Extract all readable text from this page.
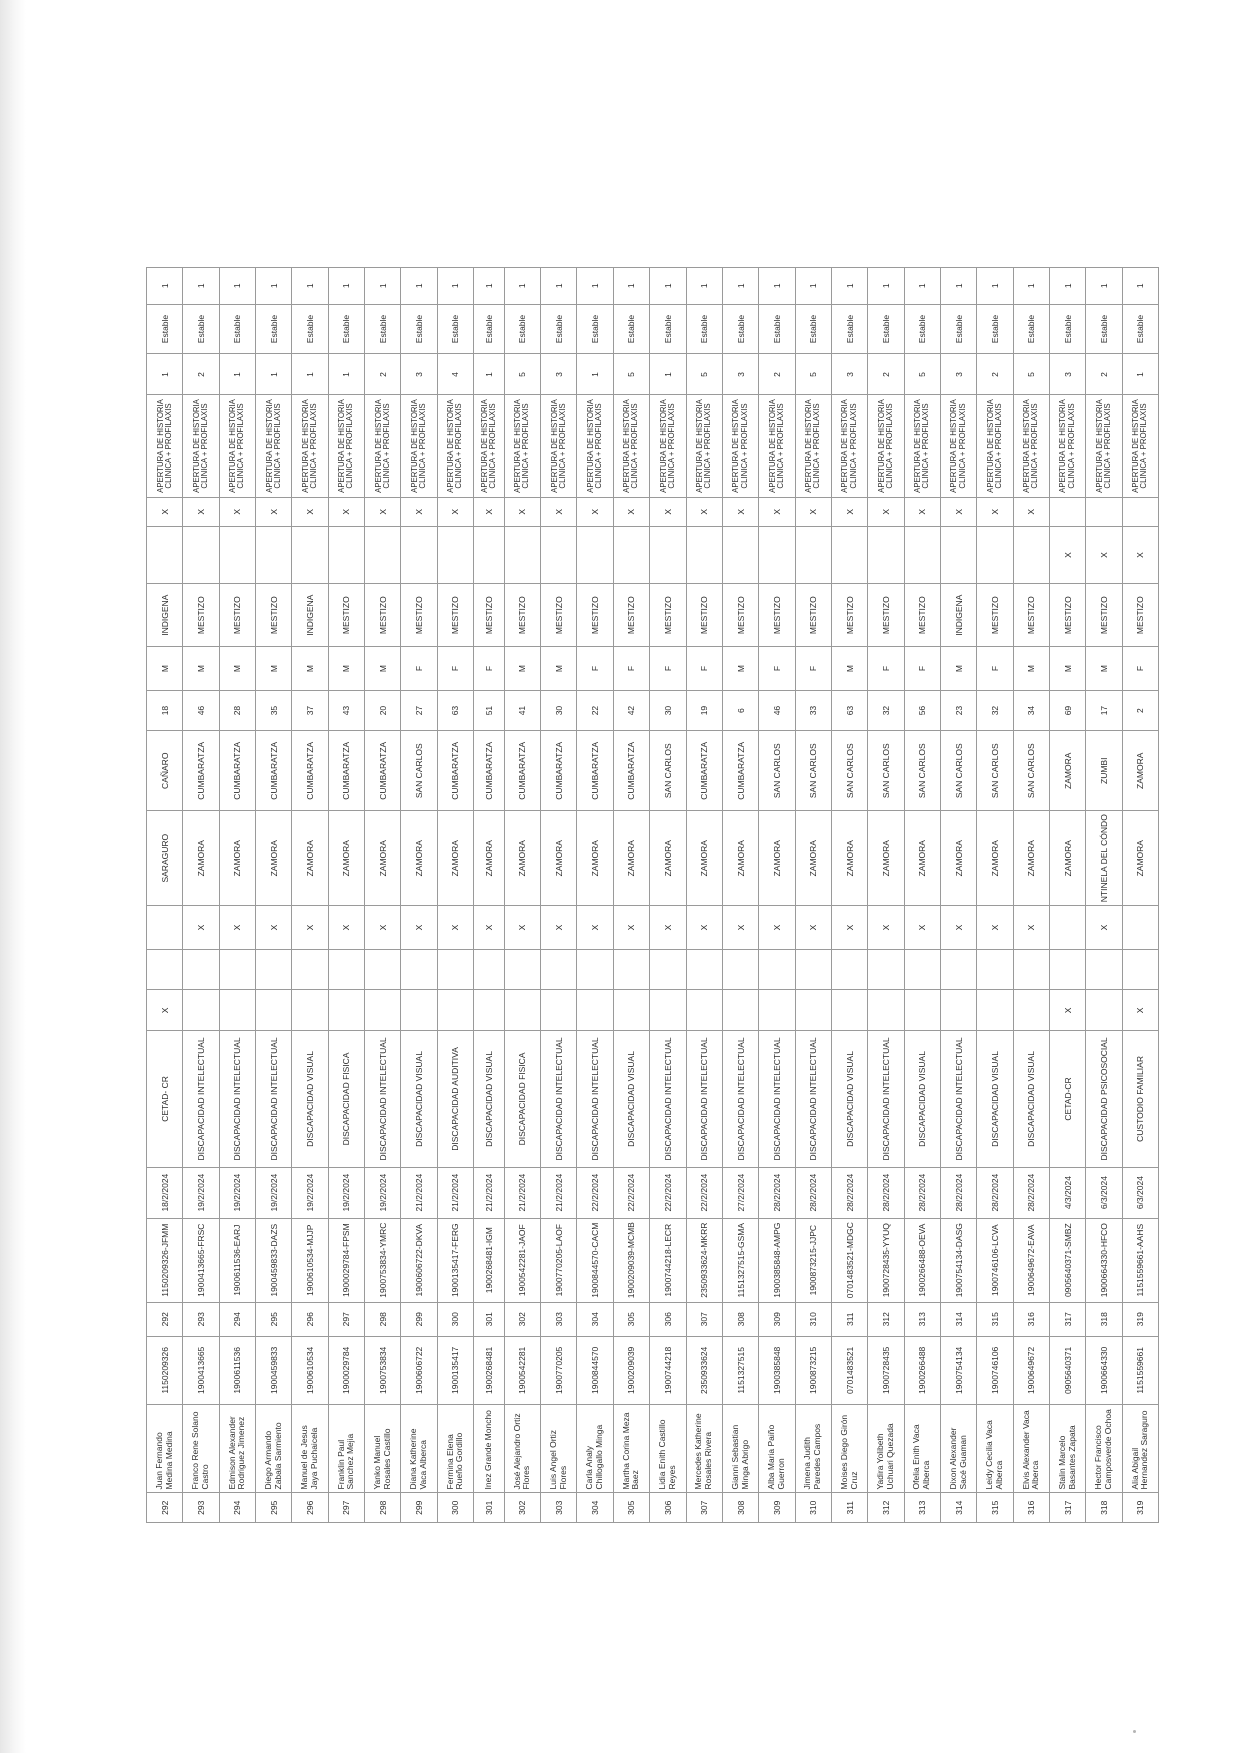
292	Juan Fernando Medina Medina	1150209326	292	1150209326-JFMM	18/2/2024	CETAD- CR	X			SARAGURO	CAÑARO	18	M	INDIGENA		X	APERTURA DE HISTORIA CLINICA + PROFILAXIS	1	Estable	1
293	Franco Rene Solano Castro	1900413665	293	1900413665-FRSC	19/2/2024	DISCAPACIDAD INTELECTUAL			X	ZAMORA	CUMBARATZA	46	M	MESTIZO		X	APERTURA DE HISTORIA CLINICA + PROFILAXIS	2	Estable	1
294	Edmison Alexander Rodriguez Jimenez	1900611536	294	1900611536-EARJ	19/2/2024	DISCAPACIDAD INTELECTUAL			X	ZAMORA	CUMBARATZA	28	M	MESTIZO		X	APERTURA DE HISTORIA CLINICA + PROFILAXIS	1	Estable	1
295	Diego Armando Zabala Sarmiento	1900459833	295	1900459833-DAZS	19/2/2024	DISCAPACIDAD INTELECTUAL			X	ZAMORA	CUMBARATZA	35	M	MESTIZO		X	APERTURA DE HISTORIA CLINICA + PROFILAXIS	1	Estable	1
296	Manuel de Jesus Jaya Puchaicela	1900610534	296	1900610534-MJJP	19/2/2024	DISCAPACIDAD VISUAL			X	ZAMORA	CUMBARATZA	37	M	INDIGENA		X	APERTURA DE HISTORIA CLINICA + PROFILAXIS	1	Estable	1
297	Franklin Paul Sanchez Mejia	1900029784	297	1900029784-FPSM	19/2/2024	DISCAPACIDAD FISICA			X	ZAMORA	CUMBARATZA	43	M	MESTIZO		X	APERTURA DE HISTORIA CLINICA + PROFILAXIS	1	Estable	1
298	Yanko Manuel Rosales Castillo	1900753834	298	1900753834-YMRC	19/2/2024	DISCAPACIDAD INTELECTUAL			X	ZAMORA	CUMBARATZA	20	M	MESTIZO		X	APERTURA DE HISTORIA CLINICA + PROFILAXIS	2	Estable	1
299	Diana Katherine Vaca Alberca	1900606722	299	1900606722-DKVA	21/2/2024	DISCAPACIDAD VISUAL			X	ZAMORA	SAN CARLOS	27	F	MESTIZO		X	APERTURA DE HISTORIA CLINICA + PROFILAXIS	3	Estable	1
300	Fermina Elena Rueño Gordillo	1900135417	300	1900135417-FERG	21/2/2024	DISCAPACIDAD AUDITIVA			X	ZAMORA	CUMBARATZA	63	F	MESTIZO		X	APERTURA DE HISTORIA CLINICA + PROFILAXIS	4	Estable	1
301	Inez Grande Moncho	1900268481	301	1900268481-IGM	21/2/2024	DISCAPACIDAD VISUAL			X	ZAMORA	CUMBARATZA	51	F	MESTIZO		X	APERTURA DE HISTORIA CLINICA + PROFILAXIS	1	Estable	1
302	José Alejandro Ortiz Flores	1900542281	302	1900542281-JAOF	21/2/2024	DISCAPACIDAD FISICA			X	ZAMORA	CUMBARATZA	41	M	MESTIZO		X	APERTURA DE HISTORIA CLINICA + PROFILAXIS	5	Estable	1
303	Luis Angel Ortiz Flores	1900770205	303	1900770205-LAOF	21/2/2024	DISCAPACIDAD INTELECTUAL			X	ZAMORA	CUMBARATZA	30	M	MESTIZO		X	APERTURA DE HISTORIA CLINICA + PROFILAXIS	3	Estable	1
304	Carla Analy Chillogallo Minga	1900844570	304	1900844570-CACM	22/2/2024	DISCAPACIDAD INTELECTUAL			X	ZAMORA	CUMBARATZA	22	F	MESTIZO		X	APERTURA DE HISTORIA CLINICA + PROFILAXIS	1	Estable	1
305	Martha Corina Meza Baez	1900209039	305	1900209039-MCMB	22/2/2024	DISCAPACIDAD VISUAL			X	ZAMORA	CUMBARATZA	42	F	MESTIZO		X	APERTURA DE HISTORIA CLINICA + PROFILAXIS	5	Estable	1
306	Lidia Enith Castillo Reyes	1900744218	306	1900744218-LECR	22/2/2024	DISCAPACIDAD INTELECTUAL			X	ZAMORA	SAN CARLOS	30	F	MESTIZO		X	APERTURA DE HISTORIA CLINICA + PROFILAXIS	1	Estable	1
307	Mercedes Katherine Rosales Rivera	2350933624	307	2350933624-MKRR	22/2/2024	DISCAPACIDAD INTELECTUAL			X	ZAMORA	CUMBARATZA	19	F	MESTIZO		X	APERTURA DE HISTORIA CLINICA + PROFILAXIS	5	Estable	1
308	Gianni Sebastian Minga Abrigo	1151327515	308	1151327515-GSMA	27/2/2024	DISCAPACIDAD INTELECTUAL			X	ZAMORA	CUMBARATZA	6	M	MESTIZO		X	APERTURA DE HISTORIA CLINICA + PROFILAXIS	3	Estable	1
309	Alba Maria Paiño Guerron	1900385848	309	1900385848-AMPG	28/2/2024	DISCAPACIDAD INTELECTUAL			X	ZAMORA	SAN CARLOS	46	F	MESTIZO		X	APERTURA DE HISTORIA CLINICA + PROFILAXIS	2	Estable	1
310	Jimena Judith Paredes Campos	1900873215	310	1900873215-JJPC	28/2/2024	DISCAPACIDAD INTELECTUAL			X	ZAMORA	SAN CARLOS	33	F	MESTIZO		X	APERTURA DE HISTORIA CLINICA + PROFILAXIS	5	Estable	1
311	Moises Diego Girón Cruz	0701483521	311	0701483521-MDGC	28/2/2024	DISCAPACIDAD VISUAL			X	ZAMORA	SAN CARLOS	63	M	MESTIZO		X	APERTURA DE HISTORIA CLINICA + PROFILAXIS	3	Estable	1
312	Yadira Yolibeth Uchuari Quezada	1900728435	312	1900728435-YYUQ	28/2/2024	DISCAPACIDAD INTELECTUAL			X	ZAMORA	SAN CARLOS	32	F	MESTIZO		X	APERTURA DE HISTORIA CLINICA + PROFILAXIS	2	Estable	1
313	Ofelia Enith Vaca Alberca	1900266488	313	1900266488-OEVA	28/2/2024	DISCAPACIDAD VISUAL			X	ZAMORA	SAN CARLOS	56	F	MESTIZO		X	APERTURA DE HISTORIA CLINICA + PROFILAXIS	5	Estable	1
314	Dixon Alexander Sacé Guaman	1900754134	314	1900754134-DASG	28/2/2024	DISCAPACIDAD INTELECTUAL			X	ZAMORA	SAN CARLOS	23	M	INDIGENA		X	APERTURA DE HISTORIA CLINICA + PROFILAXIS	3	Estable	1
315	Leidy Cecilia Vaca Alberca	1900746106	315	1900746106-LCVA	28/2/2024	DISCAPACIDAD VISUAL			X	ZAMORA	SAN CARLOS	32	F	MESTIZO		X	APERTURA DE HISTORIA CLINICA + PROFILAXIS	2	Estable	1
316	Elvis Alexander Vaca Alberca	1900649672	316	1900649672-EAVA	28/2/2024	DISCAPACIDAD VISUAL			X	ZAMORA	SAN CARLOS	34	M	MESTIZO		X	APERTURA DE HISTORIA CLINICA + PROFILAXIS	5	Estable	1
317	Stalin Marcelo Basantes Zapata	0905640371	317	0905640371-SMBZ	4/3/2024	CETAD-CR	X			ZAMORA	ZAMORA	69	M	MESTIZO	X		APERTURA DE HISTORIA CLINICA + PROFILAXIS	3	Estable	1
318	Hector Francisco Camposverde Ochoa	1900664330	318	1900664330-HFCO	6/3/2024	DISCAPACIDAD PSICOSOCIAL			X	NTINELA DEL CÓNDO	ZUMBI	17	M	MESTIZO	X		APERTURA DE HISTORIA CLINICA + PROFILAXIS	2	Estable	1
319	Alia Abigail Hernandez Saraguro	1151559661	319	1151559661-AAHS	6/3/2024	CUSTODIO FAMILIAR	X			ZAMORA	ZAMORA	2	F	MESTIZO	X		APERTURA DE HISTORIA CLINICA + PROFILAXIS	1	Estable	1
